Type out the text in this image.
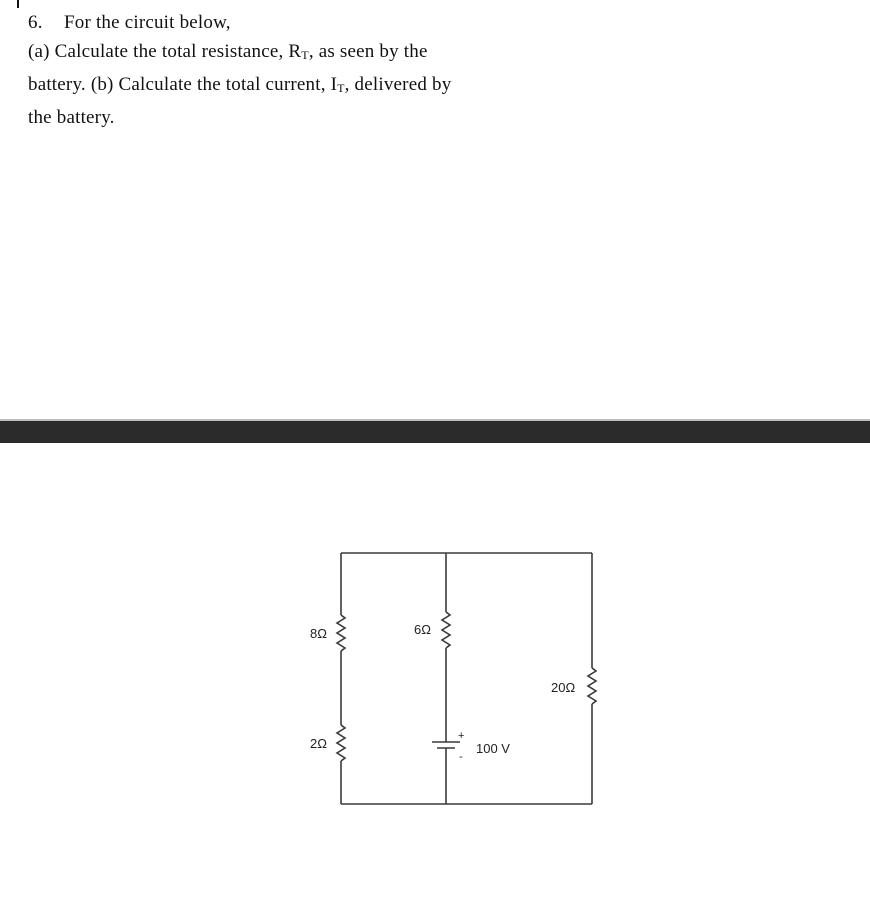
6. For the circuit below,
(a) Calculate the total resistance, RT, as seen by the
battery. (b) Calculate the total current, IT, delivered by
the battery.
8Ω
2Ω
6Ω
20Ω
+
-
100 V
